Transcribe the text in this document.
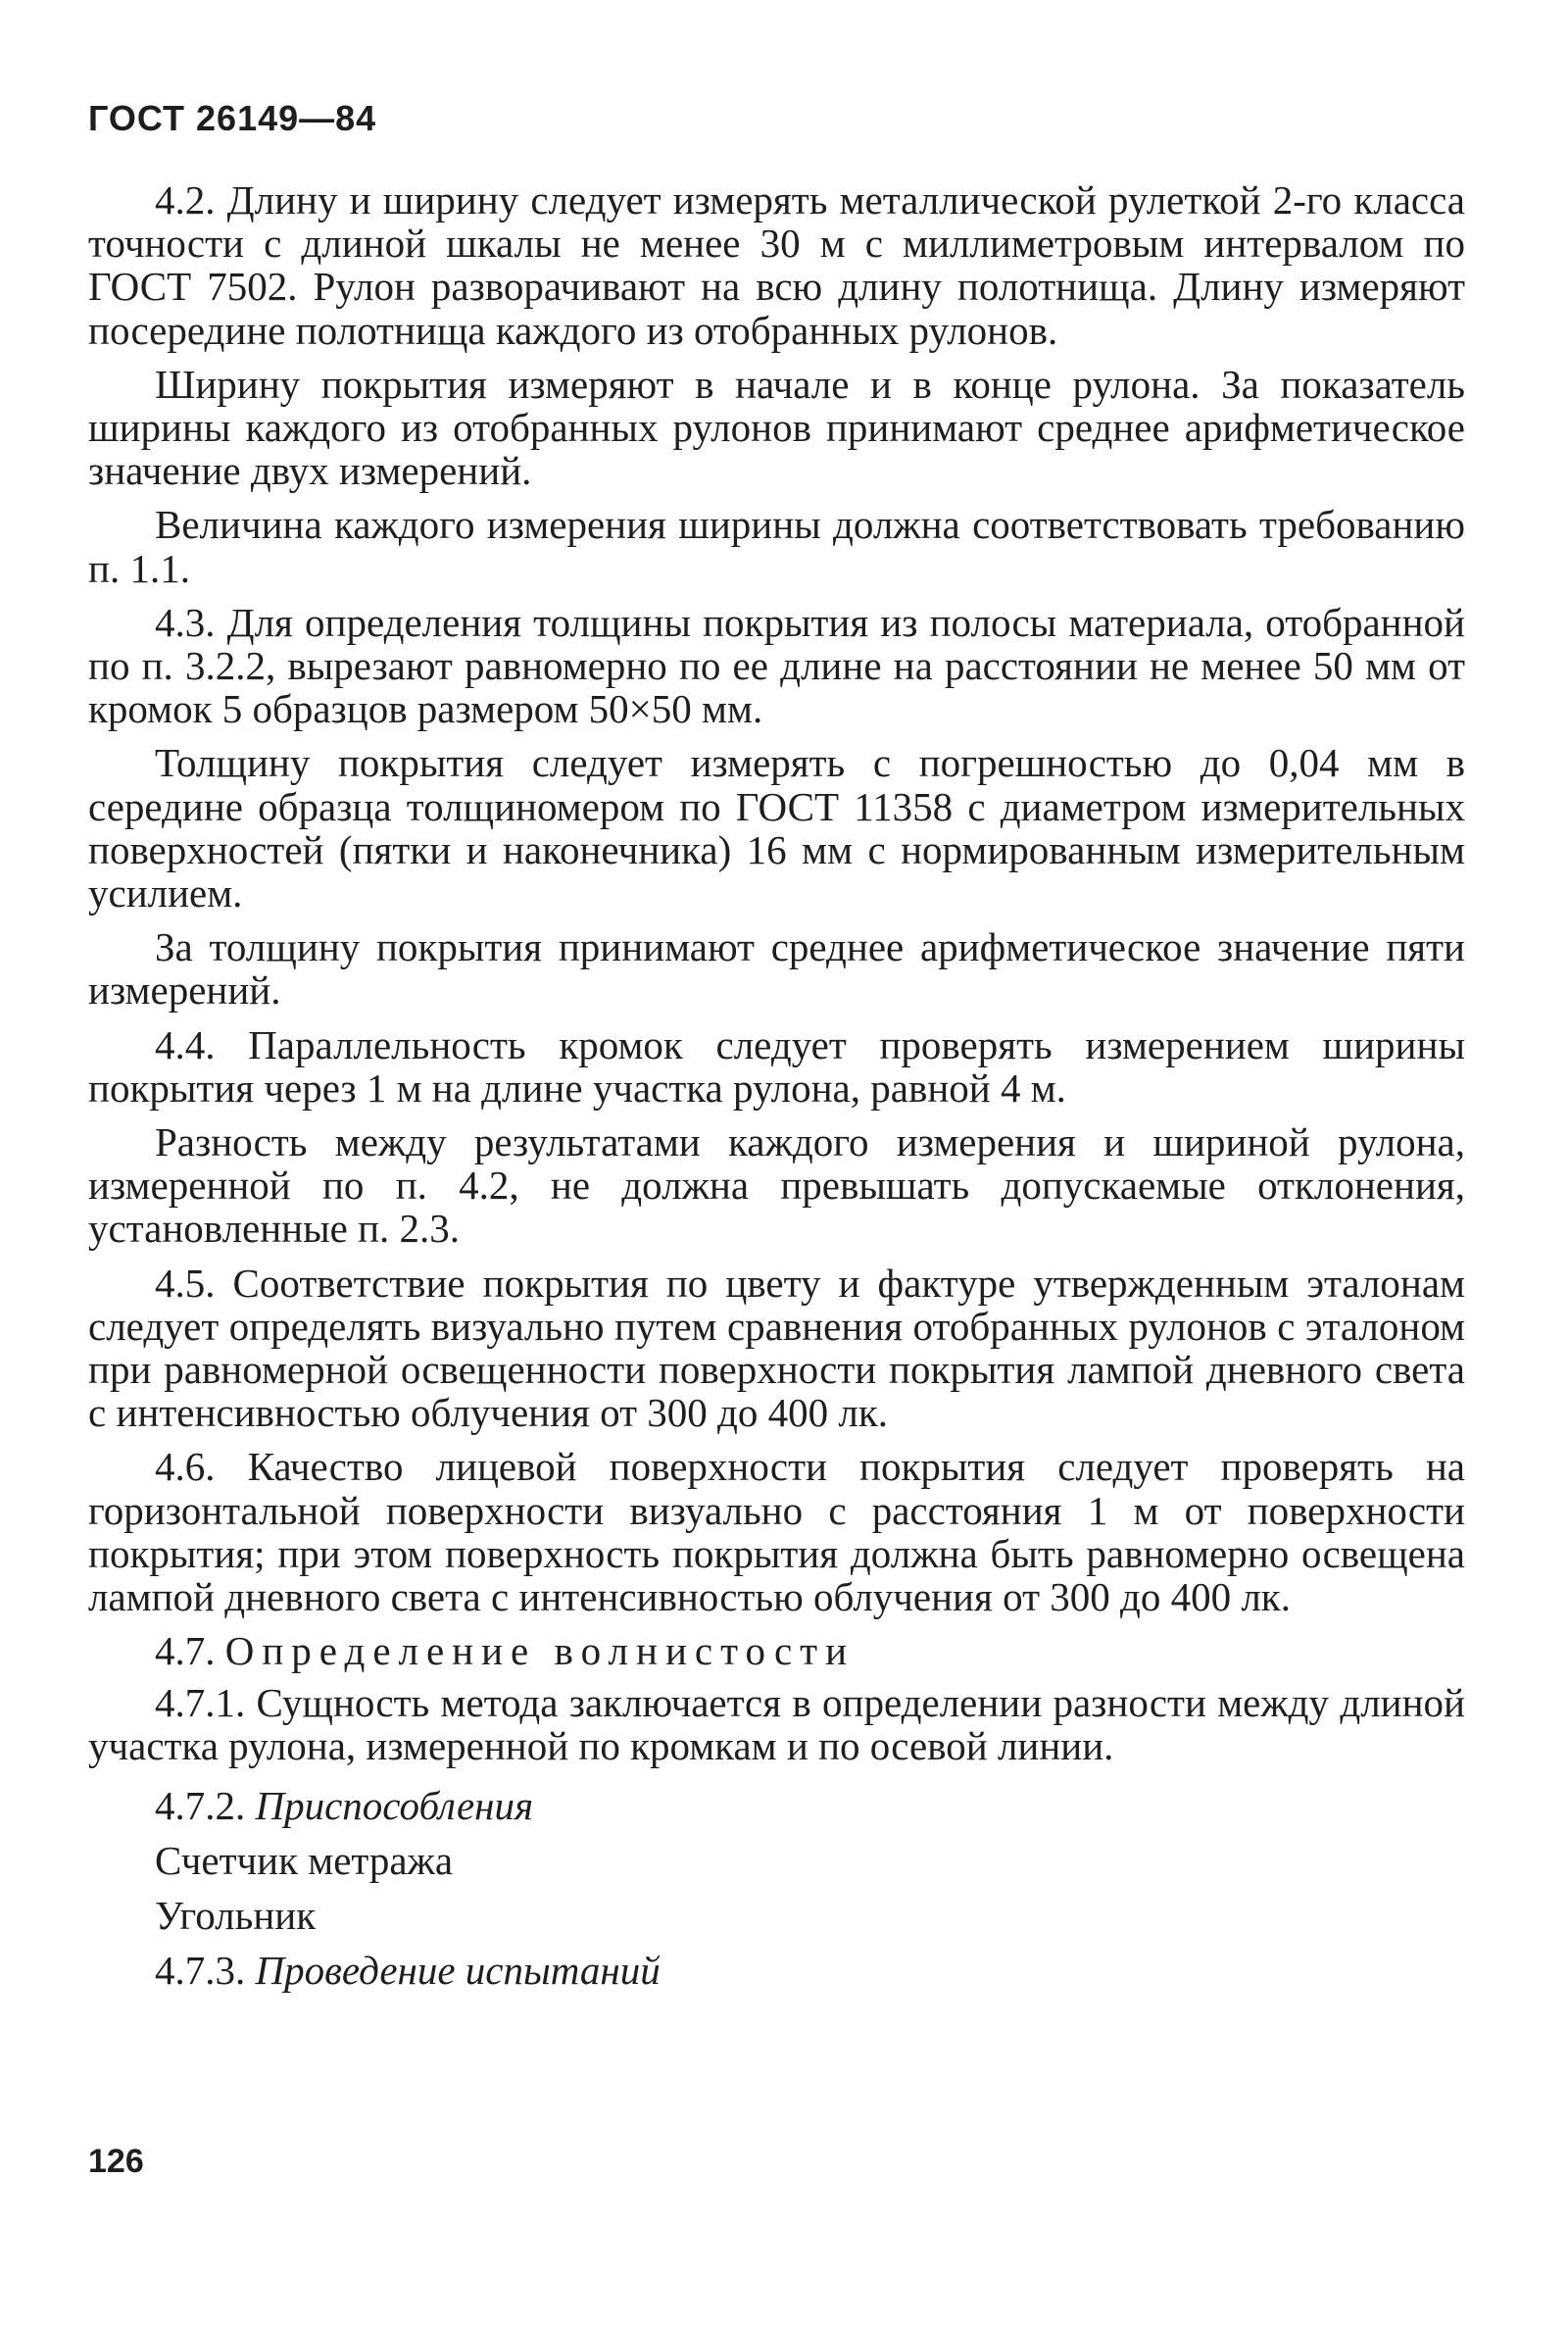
ГОСТ 26149—84

4.2. Длину и ширину следует измерять металлической рулеткой 2-го класса точности с длиной шкалы не менее 30 м с миллиметровым интервалом по ГОСТ 7502. Рулон разворачивают на всю длину полотнища. Длину измеряют посередине полотнища каждого из отобранных рулонов.

Ширину покрытия измеряют в начале и в конце рулона. За показатель ширины каждого из отобранных рулонов принимают среднее арифметическое значение двух измерений.

Величина каждого измерения ширины должна соответствовать требованию п. 1.1.

4.3. Для определения толщины покрытия из полосы материала, отобранной по п. 3.2.2, вырезают равномерно по ее длине на расстоянии не менее 50 мм от кромок 5 образцов размером 50×50 мм.

Толщину покрытия следует измерять с погрешностью до 0,04 мм в середине образца толщиномером по ГОСТ 11358 с диаметром измерительных поверхностей (пятки и наконечника) 16 мм с нормированным измерительным усилием.

За толщину покрытия принимают среднее арифметическое значение пяти измерений.

4.4. Параллельность кромок следует проверять измерением ширины покрытия через 1 м на длине участка рулона, равной 4 м.

Разность между результатами каждого измерения и шириной рулона, измеренной по п. 4.2, не должна превышать допускаемые отклонения, установленные п. 2.3.

4.5. Соответствие покрытия по цвету и фактуре утвержденным эталонам следует определять визуально путем сравнения отобранных рулонов с эталоном при равномерной освещенности поверхности покрытия лампой дневного света с интенсивностью облучения от 300 до 400 лк.

4.6. Качество лицевой поверхности покрытия следует проверять на горизонтальной поверхности визуально с расстояния 1 м от поверхности покрытия; при этом поверхность покрытия должна быть равномерно освещена лампой дневного света с интенсивностью облучения от 300 до 400 лк.

4.7. Определение волнистости

4.7.1. Сущность метода заключается в определении разности между длиной участка рулона, измеренной по кромкам и по осевой линии.

4.7.2. Приспособления

Счетчик метража

Угольник

4.7.3. Проведение испытаний

126
